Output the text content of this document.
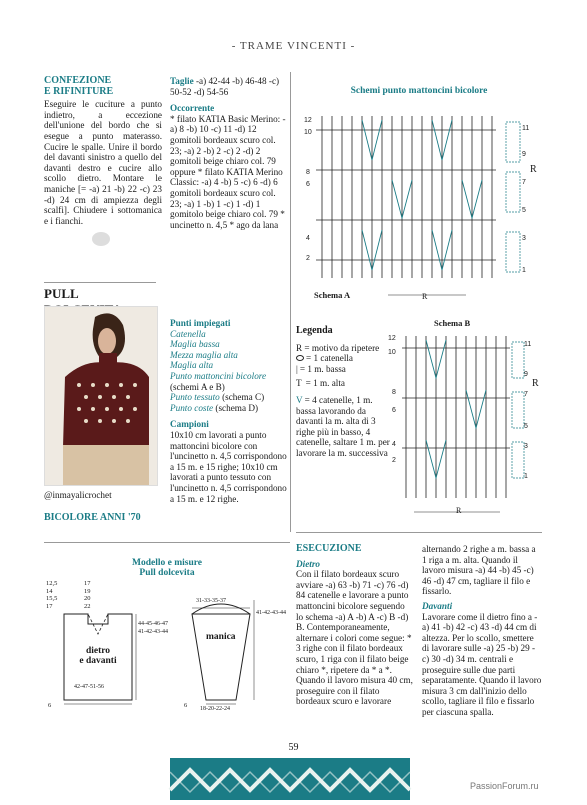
- TRAME VINCENTI -
CONFEZIONE
E RIFINITURE
Eseguire le cuciture a punto indietro, a eccezione dell'unione del bordo che si esegue a punto materasso. Cucire le spalle. Unire il bordo del davanti sinistro a quello del davanti destro e cucire allo scollo dietro. Montare le maniche [= -a) 21 -b) 22 -c) 23 -d) 24 cm di ampiezza degli scalfi]. Chiudere i sottomanica e i fianchi.
PULL
@inmayalicrochet
BICOLORE ANNI '70
Taglie -a) 42-44 -b) 46-48 -c) 50-52 -d) 54-56
Occorrente
* filato KATIA Basic Merino: -a) 8 -b) 10 -c) 11 -d) 12 gomitoli bordeaux scuro col. 23; -a) 2 -b) 2 -c) 2 -d) 2 gomitoli beige chiaro col. 79 oppure * filato KATIA Merino Classic: -a) 4 -b) 5 -c) 6 -d) 6 gomitoli bordeaux scuro col. 23; -a) 1 -b) 1 -c) 1 -d) 1 gomitolo beige chiaro col. 79 * uncinetto n. 4,5 * ago da lana
Punti impiegati
Catenella
Maglia bassa
Mezza maglia alta
Maglia alta
Punto mattoncini bicolore
(schemi A e B)
Punto tessuto (schema C)
Punto coste (schema D)
Campioni
10x10 cm lavorati a punto mattoncini bicolore con l'uncinetto n. 4,5 corrispondono a 15 m. e 15 righe; 10x10 cm lavorati a punto tessuto con l'uncinetto n. 4,5 corrispondono a 15 m. e 12 righe.
Schemi punto mattoncini bicolore
12
10
8
6
4
2
11
9
7
5
3
1
R
R
Schema A
Legenda
R = motivo da ripetere
= 1 catenella
| = 1 m. bassa
T = 1 m. alta
V = 4 catenelle, 1 m. bassa lavorando da davanti la m. alta di 3 righe più in basso, 4 catenelle, saltare 1 m. per lavorare la m. successiva
Schema B
12
10
8
6
4
2
11
9
7
5
3
1
R
R
Modello e misure
Pull dolcevita
12,5
14
15,5
17
17
19
20
22
44-45-46-47
41-42-43-44
dietro
e davanti
42-47-51-56
6
31-33-35-37
manica
41-42-43-44
18-20-22-24
6
ESECUZIONE
Dietro
Con il filato bordeaux scuro avviare -a) 63 -b) 71 -c) 76 -d) 84 catenelle e lavorare a punto mattoncini bicolore seguendo lo schema -a) A -b) A -c) B -d) B. Contemporaneamente, alternare i colori come segue: * 3 righe con il filato bordeaux scuro, 1 riga con il filato beige chiaro *, ripetere da * a *. Quando il lavoro misura 40 cm, proseguire con il filato bordeaux scuro e lavorare
alternando 2 righe a m. bassa a 1 riga a m. alta. Quando il lavoro misura -a) 44 -b) 45 -c) 46 -d) 47 cm, tagliare il filo e fissarlo.
Davanti
Lavorare come il dietro fino a -a) 41 -b) 42 -c) 43 -d) 44 cm di altezza. Per lo scollo, smettere di lavorare sulle -a) 25 -b) 29 -c) 30 -d) 34 m. centrali e proseguire sulle due parti separatamente. Quando il lavoro misura 3 cm dall'inizio dello scollo, tagliare il filo e fissarlo per ciascuna spalla.
59
PassionForum.ru
